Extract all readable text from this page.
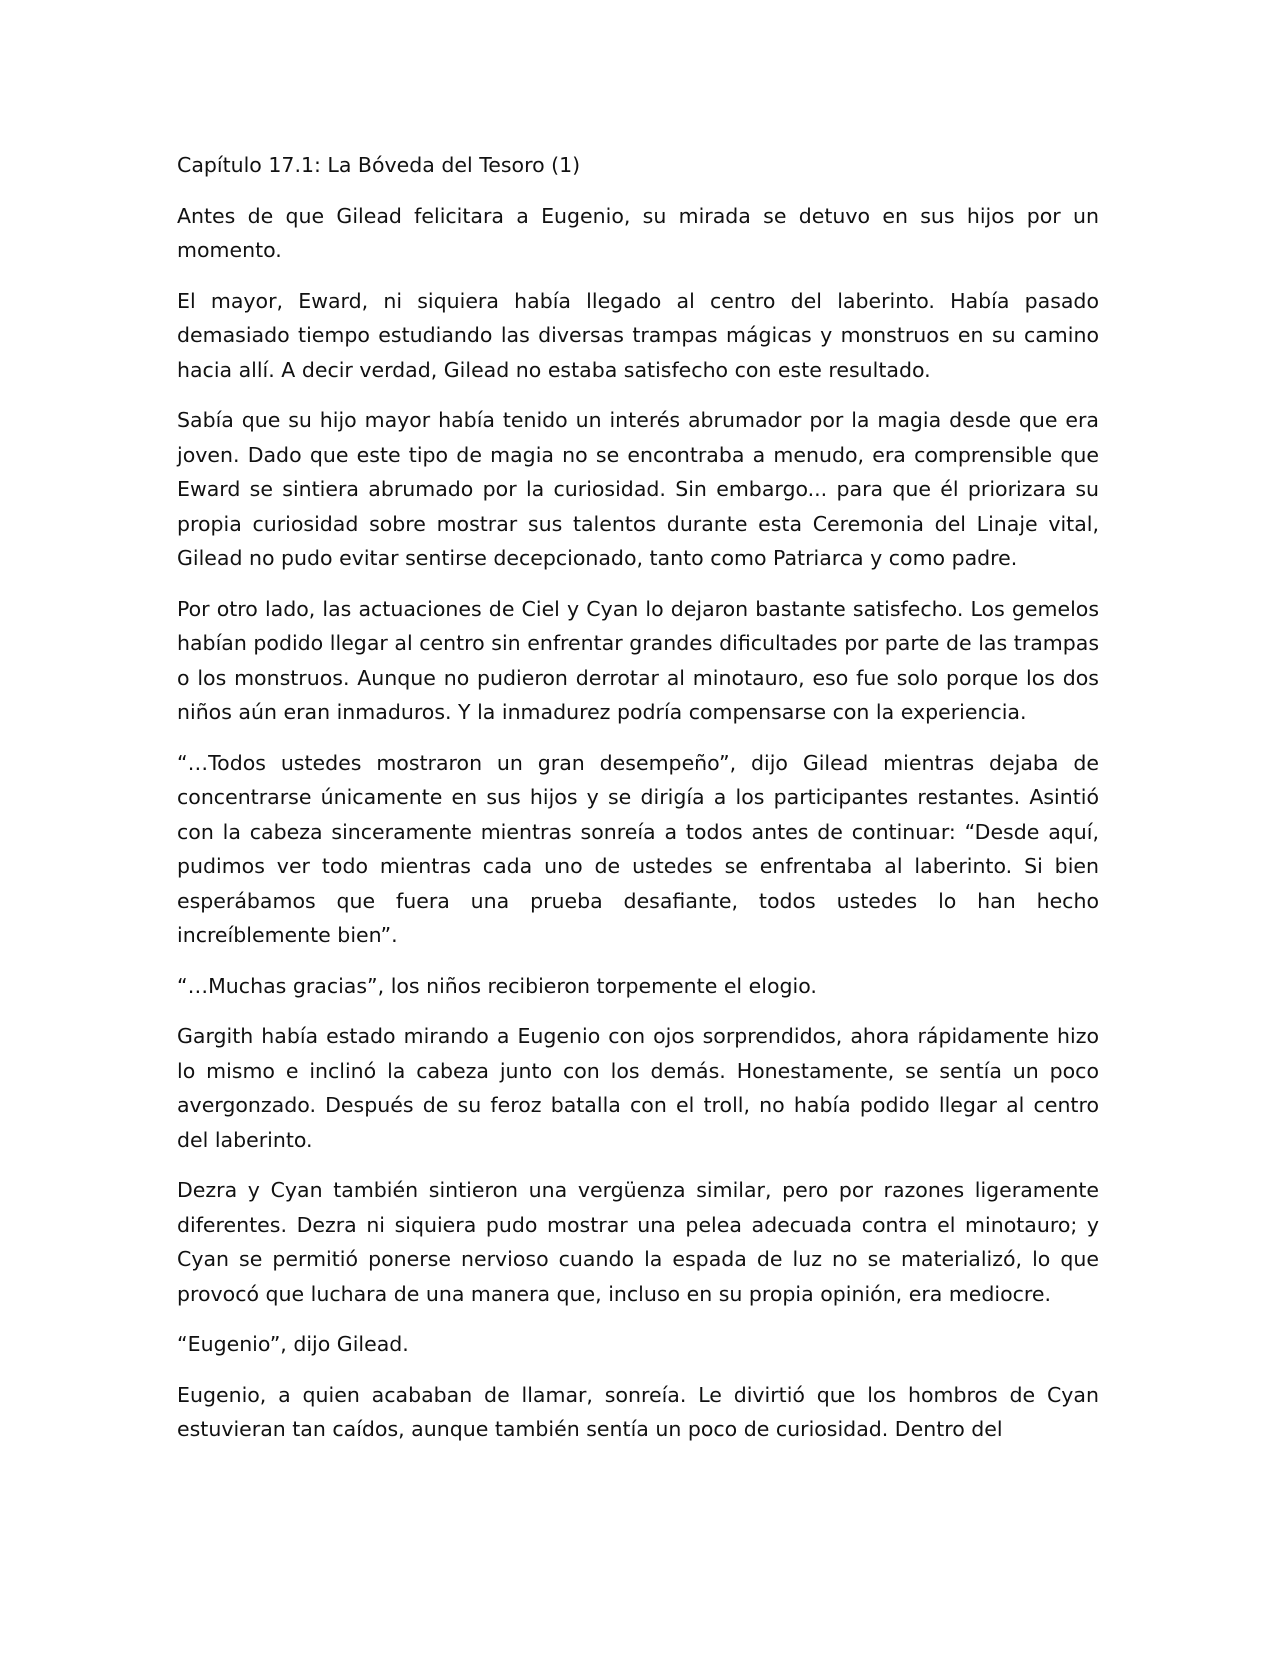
Capítulo 17.1: La Bóveda del Tesoro (1)

Antes de que Gilead felicitara a Eugenio, su mirada se detuvo en sus hijos por un momento.

El mayor, Eward, ni siquiera había llegado al centro del laberinto. Había pasado demasiado tiempo estudiando las diversas trampas mágicas y monstruos en su camino hacia allí. A decir verdad, Gilead no estaba satisfecho con este resultado.

Sabía que su hijo mayor había tenido un interés abrumador por la magia desde que era joven. Dado que este tipo de magia no se encontraba a menudo, era comprensible que Eward se sintiera abrumado por la curiosidad. Sin embargo... para que él priorizara su propia curiosidad sobre mostrar sus talentos durante esta Ceremonia del Linaje vital, Gilead no pudo evitar sentirse decepcionado, tanto como Patriarca y como padre.

Por otro lado, las actuaciones de Ciel y Cyan lo dejaron bastante satisfecho. Los gemelos habían podido llegar al centro sin enfrentar grandes dificultades por parte de las trampas o los monstruos. Aunque no pudieron derrotar al minotauro, eso fue solo porque los dos niños aún eran inmaduros. Y la inmadurez podría compensarse con la experiencia.

“…Todos ustedes mostraron un gran desempeño”, dijo Gilead mientras dejaba de concentrarse únicamente en sus hijos y se dirigía a los participantes restantes. Asintió con la cabeza sinceramente mientras sonreía a todos antes de continuar: “Desde aquí, pudimos ver todo mientras cada uno de ustedes se enfrentaba al laberinto. Si bien esperábamos que fuera una prueba desafiante, todos ustedes lo han hecho increíblemente bien”.

“…Muchas gracias”, los niños recibieron torpemente el elogio.

Gargith había estado mirando a Eugenio con ojos sorprendidos, ahora rápidamente hizo lo mismo e inclinó la cabeza junto con los demás. Honestamente, se sentía un poco avergonzado. Después de su feroz batalla con el troll, no había podido llegar al centro del laberinto.

Dezra y Cyan también sintieron una vergüenza similar, pero por razones ligeramente diferentes. Dezra ni siquiera pudo mostrar una pelea adecuada contra el minotauro; y Cyan se permitió ponerse nervioso cuando la espada de luz no se materializó, lo que provocó que luchara de una manera que, incluso en su propia opinión, era mediocre.

“Eugenio”, dijo Gilead.

Eugenio, a quien acababan de llamar, sonreía. Le divirtió que los hombros de Cyan estuvieran tan caídos, aunque también sentía un poco de curiosidad. Dentro del
